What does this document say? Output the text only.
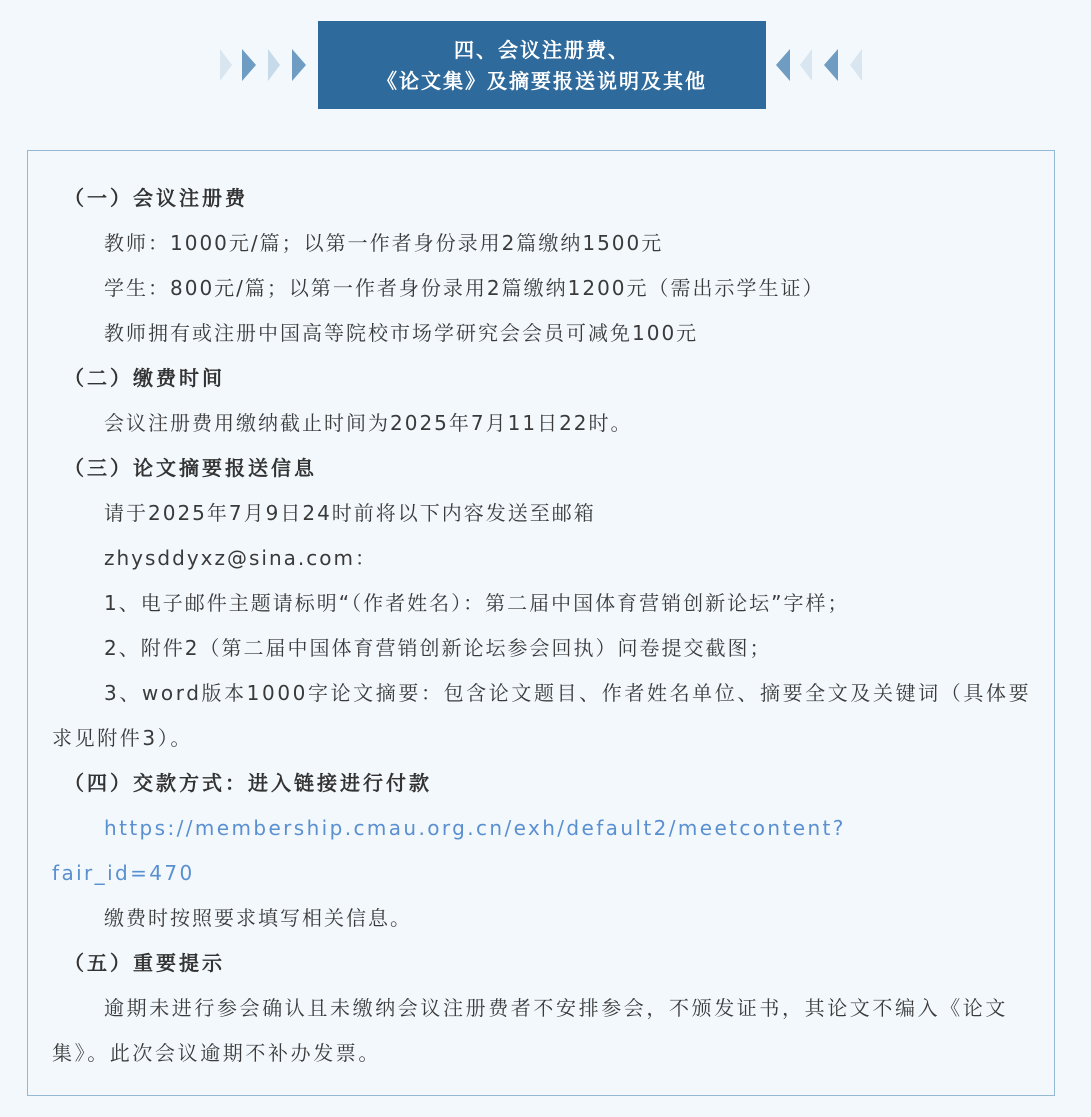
四、会议注册费、
《论文集》及摘要报送说明及其他
（一）会议注册费
教师：1000元/篇；以第一作者身份录用2篇缴纳1500元
学生：800元/篇；以第一作者身份录用2篇缴纳1200元（需出示学生证）
教师拥有或注册中国高等院校市场学研究会会员可减免100元
（二）缴费时间
会议注册费用缴纳截止时间为2025年7月11日22时。
（三）论文摘要报送信息
请于2025年7月9日24时前将以下内容发送至邮箱
zhysddyxz@sina.com：
1、电子邮件主题请标明“（作者姓名）：第二届中国体育营销创新论坛”字样；
2、附件2（第二届中国体育营销创新论坛参会回执）问卷提交截图；
3、word版本1000字论文摘要：包含论文题目、作者姓名单位、摘要全文及关键词（具体要求见附件3）。
（四）交款方式：进入链接进行付款
https://membership.cmau.org.cn/exh/default2/meetcontent?
fair_id=470
缴费时按照要求填写相关信息。
（五）重要提示
逾期未进行参会确认且未缴纳会议注册费者不安排参会，不颁发证书，其论文不编入《论文集》。此次会议逾期不补办发票。
